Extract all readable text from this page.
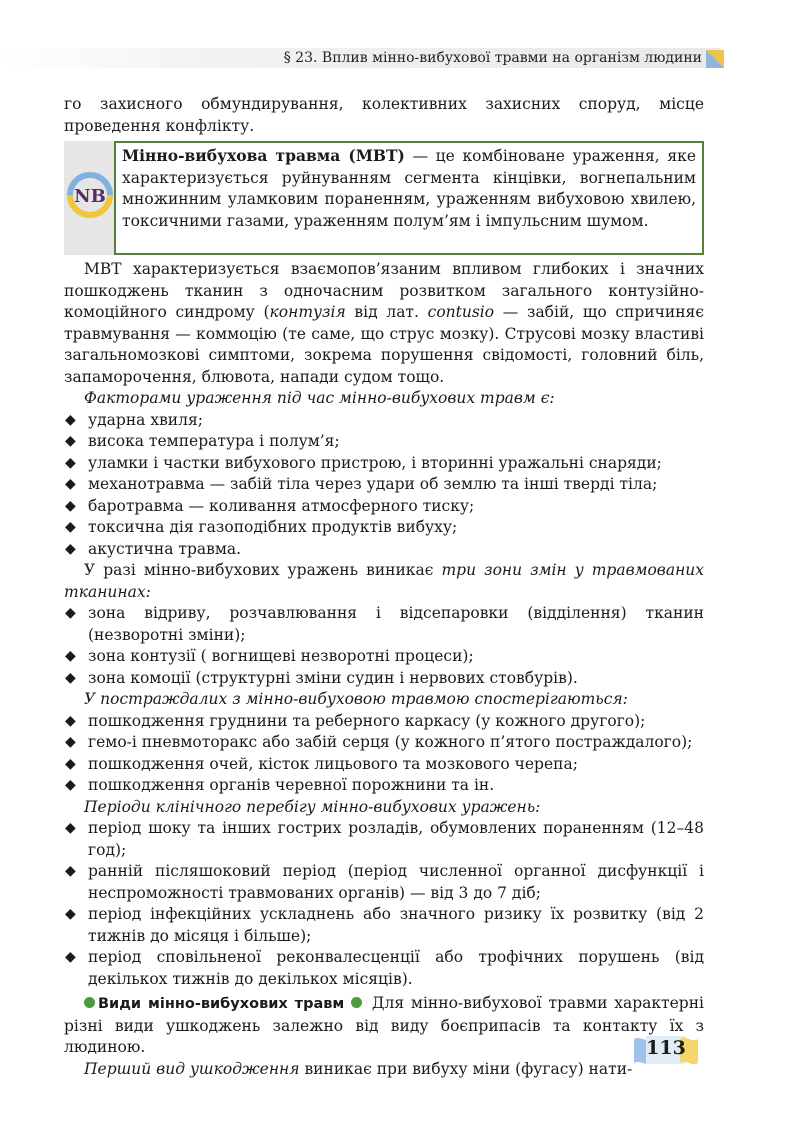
§ 23. Вплив мінно-вибухової травми на організм людини

го захисного обмундирування, колективних захисних споруд, місце проведення конфлікту.

NB
Мінно-вибухова травма (МВТ) — це комбіноване ураження, яке характеризується руйнуванням сегмента кінцівки, вогнепальним множинним уламковим пораненням, ураженням вибуховою хвилею, токсичними газами, ураженням полум’ям і імпульсним шумом.

МВТ характеризується взаємопов’язаним впливом глибоких і значних пошкоджень тканин з одночасним розвитком загального контузійно-комоційного синдрому (контузія від лат. contusio — забій, що спричиняє травмування — коммоцію (те саме, що струс мозку). Струсові мозку властиві загальномозкові симптоми, зокрема порушення свідомості, головний біль, запаморочення, блювота, напади судом тощо.

Факторами ураження під час мінно-вибухових травм є:

◆ ударна хвиля;
◆ висока температура і полум’я;
◆ уламки і частки вибухового пристрою, і вторинні уражальні снаряди;
◆ механотравма — забій тіла через удари об землю та інші тверді тіла;
◆ баротравма — коливання атмосферного тиску;
◆ токсична дія газоподібних продуктів вибуху;
◆ акустична травма.

У разі мінно-вибухових уражень виникає три зони змін у травмованих тканинах:

◆ зона відриву, розчавлювання і відсепаровки (відділення) тканин (незворотні зміни);
◆ зона контузії ( вогнищеві незворотні процеси);
◆ зона комоції (структурні зміни судин і нервових стовбурів).

У постраждалих з мінно-вибуховою травмою спостерігаються:

◆ пошкодження груднини та реберного каркасу (у кожного другого);
◆ гемо-і пневмоторакс або забій серця (у кожного п’ятого постраждалого);
◆ пошкодження очей, кісток лицьового та мозкового черепа;
◆ пошкодження органів черевної порожнини та ін.

Періоди клінічного перебігу мінно-вибухових уражень:

◆ період шоку та інших гострих розладів, обумовлених пораненням (12–48 год);
◆ ранній післяшоковий період (період численної органної дисфункції і неспроможності травмованих органів) — від 3 до 7 діб;
◆ період інфекційних ускладнень або значного ризику їх розвитку (від 2 тижнів до місяця і більше);
◆ період сповільненої реконвалесценції або трофічних порушень (від декількох тижнів до декількох місяців).

Види мінно-вибухових травм  Для мінно-вибухової травми характерні різні види ушкоджень залежно від виду боєприпасів та контакту їх з людиною.

Перший вид ушкодження виникає при вибуху міни (фугасу) нати-

113
